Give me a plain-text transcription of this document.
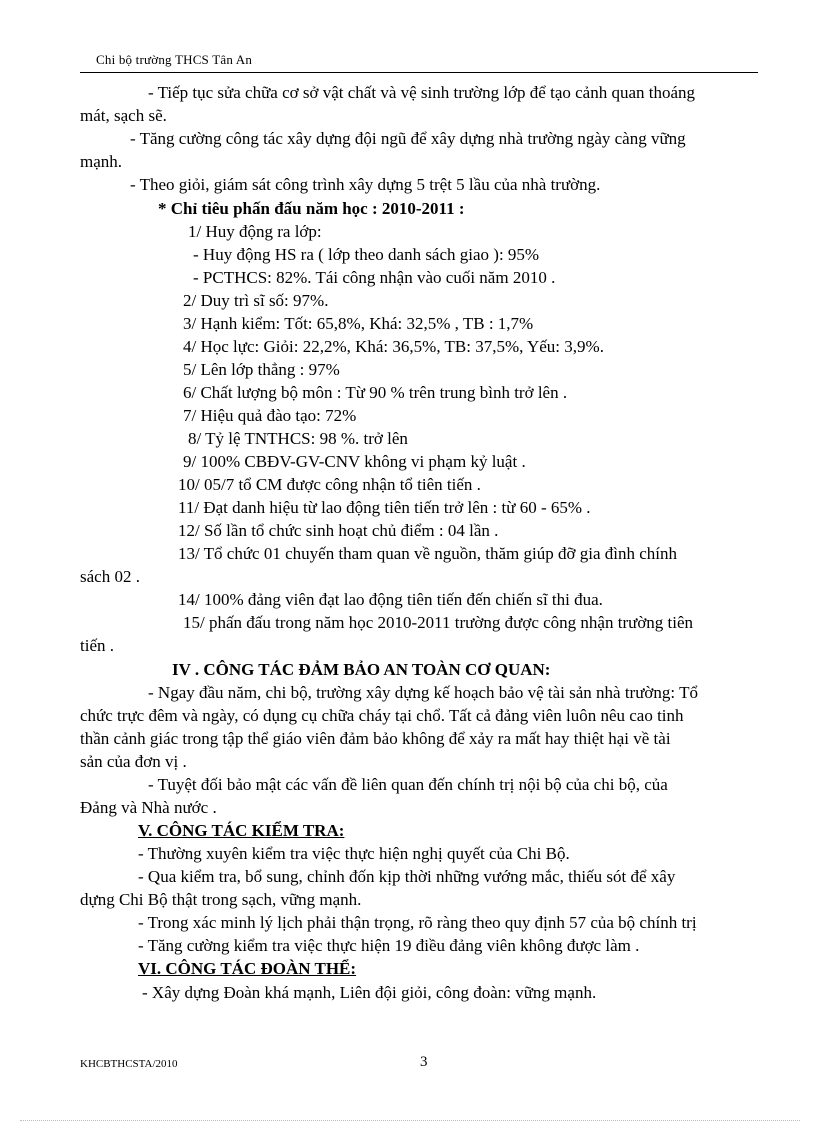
Chi bộ trường THCS Tân An
- Tiếp tục sửa chữa cơ sở vật chất và vệ sinh trường lớp để tạo cảnh quan thoáng
mát, sạch sẽ.
- Tăng cường công tác xây dựng đội ngũ để xây dựng nhà trường ngày càng vững
mạnh.
- Theo giỏi, giám sát công trình xây dựng 5 trệt 5 lầu của nhà trường.
* Chỉ tiêu phấn đấu năm học : 2010-2011 :
1/ Huy động ra lớp:
- Huy động HS ra ( lớp theo danh sách giao ): 95%
- PCTHCS: 82%. Tái công nhận vào cuối năm 2010 .
2/ Duy trì sĩ số: 97%.
3/ Hạnh kiểm: Tốt: 65,8%, Khá: 32,5% , TB : 1,7%
4/ Học lực: Giỏi: 22,2%, Khá: 36,5%, TB: 37,5%, Yếu: 3,9%.
5/ Lên lớp thẳng : 97%
6/ Chất lượng bộ môn : Từ 90 % trên trung bình trở lên .
7/ Hiệu quả đào tạo: 72%
8/ Tỷ lệ TNTHCS: 98 %. trở lên
9/ 100% CBĐV-GV-CNV không vi phạm kỷ luật .
10/ 05/7 tổ CM được công nhận tổ tiên tiến .
11/ Đạt danh hiệu từ lao động tiên tiến trở lên : từ 60 - 65% .
12/ Số lần tổ chức sinh hoạt chủ điểm : 04 lần .
13/ Tổ chức 01 chuyến tham quan về nguồn, thăm giúp đỡ gia đình chính
sách 02 .
14/ 100% đảng viên đạt lao động tiên tiến đến chiến sĩ thi đua.
15/ phấn đấu trong năm học 2010-2011 trường được công nhận trường tiên
tiến .
IV . CÔNG TÁC ĐẢM BẢO AN TOÀN CƠ QUAN:
- Ngay đầu năm, chi bộ, trường xây dựng kế hoạch bảo vệ tài sản nhà trường: Tổ
chức trực đêm và ngày, có dụng cụ chữa cháy tại chổ. Tất cả đảng viên luôn nêu cao tinh
thần cảnh giác trong tập thể giáo viên đảm bảo không để xảy ra mất hay thiệt hại về tài
sản của đơn vị .
- Tuyệt đối bảo mật các vấn đề liên quan đến chính trị nội bộ của chi bộ, của
Đảng và Nhà nước .
V. CÔNG TÁC KIỂM TRA:
- Thường xuyên kiểm tra việc thực hiện nghị quyết của Chi Bộ.
- Qua kiểm tra, bổ sung, chỉnh đốn kịp thời những vướng mắc, thiếu sót để xây
dựng Chi Bộ thật trong sạch, vững mạnh.
- Trong xác minh lý lịch phải thận trọng, rõ ràng theo quy định 57 của bộ chính trị
- Tăng cường kiểm tra việc thực hiện 19 điều đảng viên không được làm .
VI. CÔNG TÁC ĐOÀN THỂ:
- Xây dựng Đoàn khá mạnh, Liên đội giỏi, công đoàn: vững mạnh.
KHCBTHCSTA/2010	3
